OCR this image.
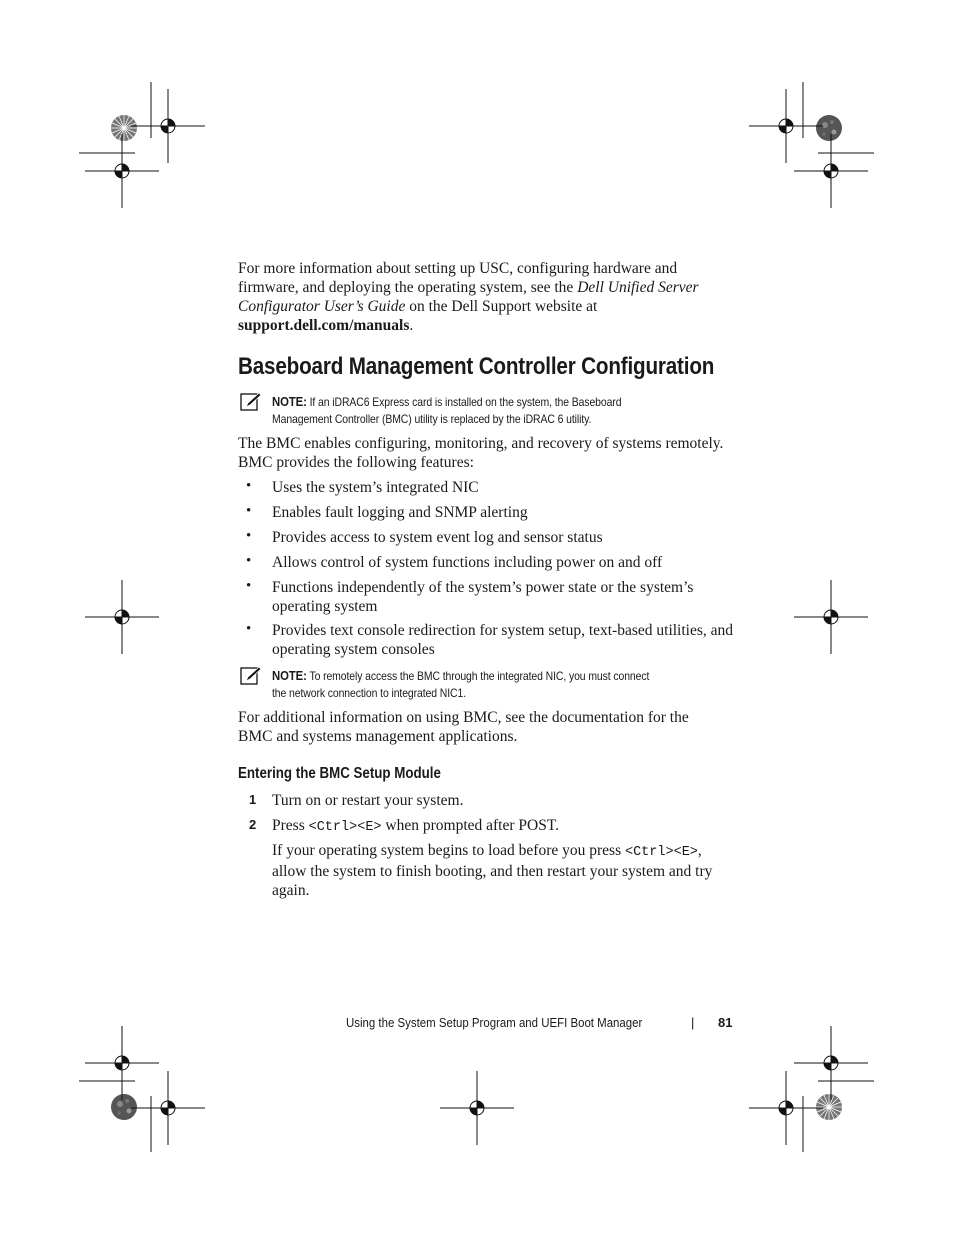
For more information about setting up USC, configuring hardware and
firmware, and deploying the operating system, see the Dell Unified Server
Configurator User’s Guide on the Dell Support website at
support.dell.com/manuals.
Baseboard Management Controller Configuration
NOTE: If an iDRAC6 Express card is installed on the system, the Baseboard
Management Controller (BMC) utility is replaced by the iDRAC 6 utility.
The BMC enables configuring, monitoring, and recovery of systems remotely.
BMC provides the following features:
• Uses the system’s integrated NIC
• Enables fault logging and SNMP alerting
• Provides access to system event log and sensor status
• Allows control of system functions including power on and off
• Functions independently of the system’s power state or the system’s
operating system
• Provides text console redirection for system setup, text-based utilities, and
operating system consoles
NOTE: To remotely access the BMC through the integrated NIC, you must connect
the network connection to integrated NIC1.
For additional information on using BMC, see the documentation for the
BMC and systems management applications.
Entering the BMC Setup Module
1 Turn on or restart your system.
2 Press <Ctrl><E> when prompted after POST.
If your operating system begins to load before you press <Ctrl><E>,
allow the system to finish booting, and then restart your system and try
again.
Using the System Setup Program and UEFI Boot Manager	| 81
